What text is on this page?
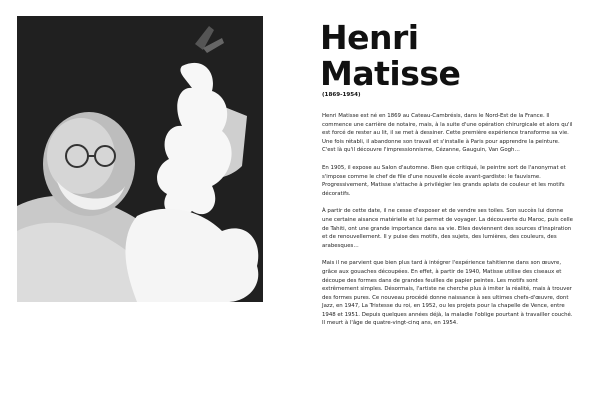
Henri
Matisse
(1869-1954)

Henri Matisse est né en 1869 au Cateau-Cambrésis, dans le Nord-Est de la France. Il commence une carrière de notaire, mais, à la suite d'une opération chirurgicale et alors qu'il est forcé de rester au lit, il se met à dessiner. Cette première expérience transforme sa vie. Une fois rétabli, il abandonne son travail et s'installe à Paris pour apprendre la peinture. C'est là qu'il découvre l'impressionnisme, Cézanne, Gauguin, Van Gogh…

En 1905, il expose au Salon d'automne. Bien que critiqué, le peintre sort de l'anonymat et s'impose comme le chef de file d'une nouvelle école avant-gardiste: le fauvisme. Progressivement, Matisse s'attache à privilégier les grands aplats de couleur et les motifs décoratifs.

À partir de cette date, il ne cesse d'exposer et de vendre ses toiles. Son succès lui donne une certaine aisance matérielle et lui permet de voyager. La découverte du Maroc, puis celle de Tahiti, ont une grande importance dans sa vie. Elles deviennent des sources d'inspiration et de renouvellement. Il y puise des motifs, des sujets, des lumières, des couleurs, des arabesques…

Mais il ne parvient que bien plus tard à intégrer l'expérience tahitienne dans son œuvre, grâce aux gouaches découpées. En effet, à partir de 1940, Matisse utilise des ciseaux et découpe des formes dans de grandes feuilles de papier peintes. Les motifs sont extrêmement simples. Désormais, l'artiste ne cherche plus à imiter la réalité, mais à trouver des formes pures. Ce nouveau procédé donne naissance à ses ultimes chefs-d'œuvre, dont Jazz, en 1947, La Tristesse du roi, en 1952, ou les projets pour la chapelle de Vence, entre 1948 et 1951. Depuis quelques années déjà, la maladie l'oblige pourtant à travailler couché. Il meurt à l'âge de quatre-vingt-cinq ans, en 1954.
